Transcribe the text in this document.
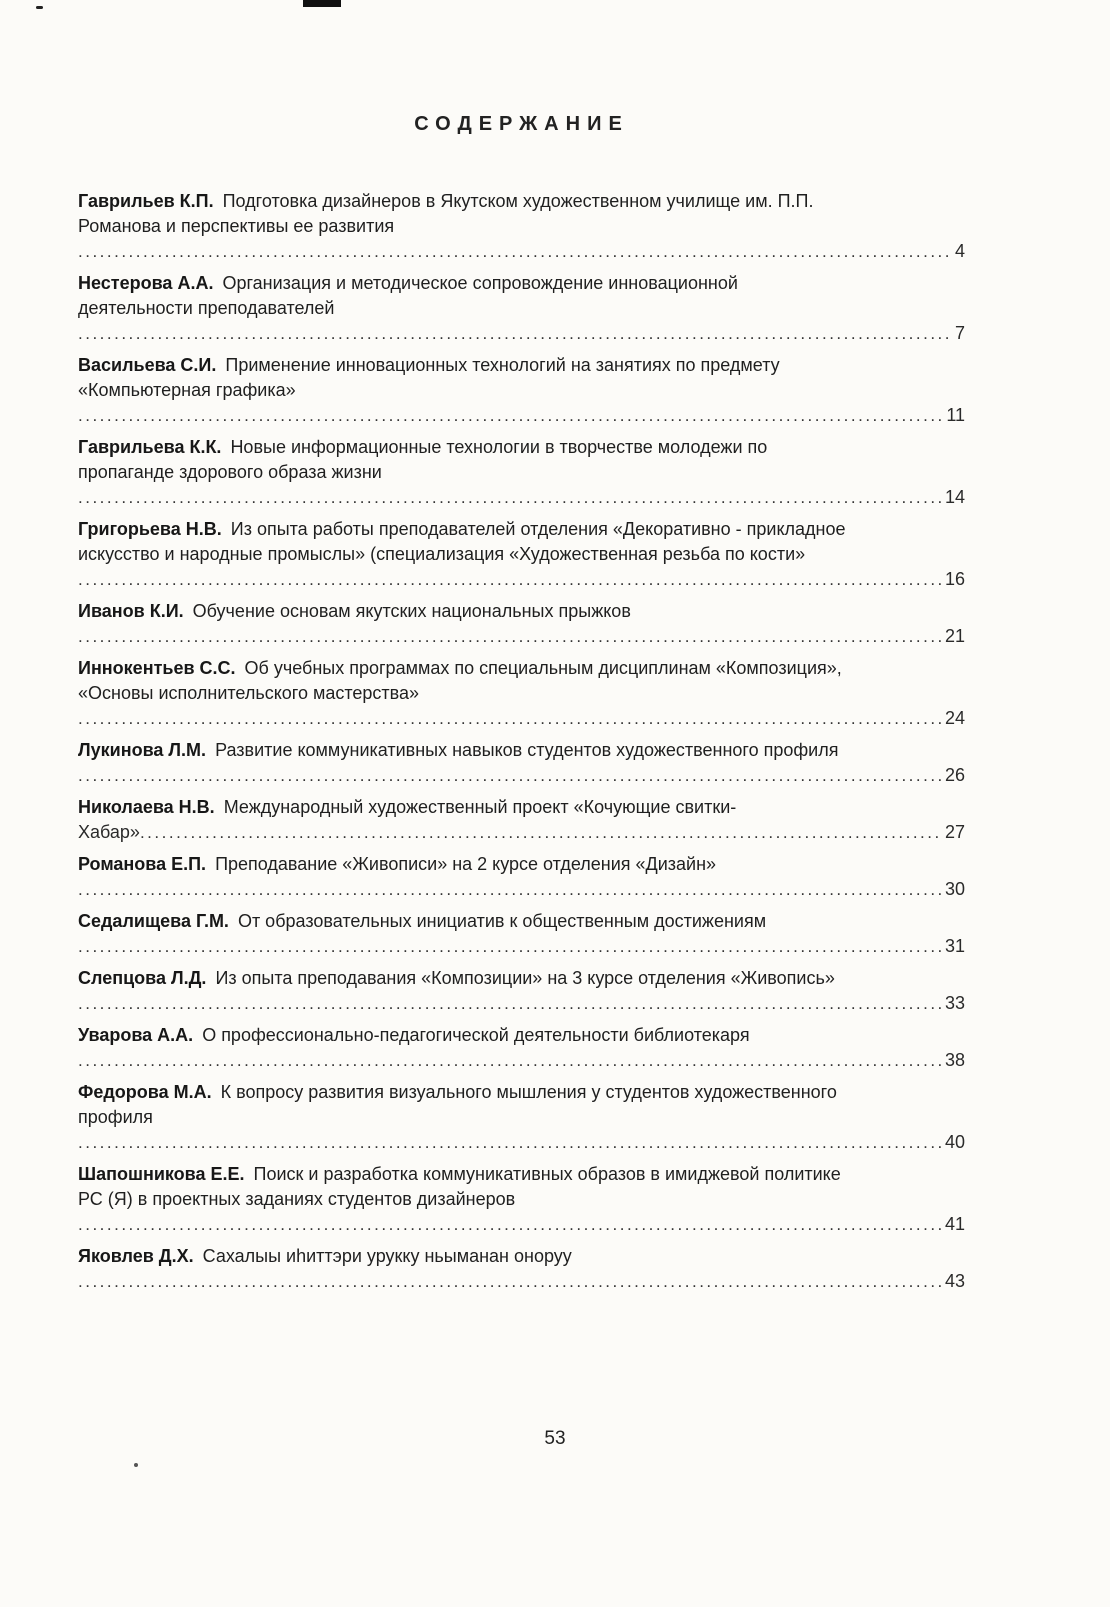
СОДЕРЖАНИЕ

Гаврильев К.П. Подготовка дизайнеров в Якутском художественном училище им. П.П. Романова и перспективы ее развития

.....
4

Нестерова А.А. Организация и методическое сопровождение инновационной деятельности преподавателей

.....
7

Васильева С.И. Применение инновационных технологий на занятиях по предмету «Компьютерная графика»

.....
11

Гаврильева К.К. Новые информационные технологии в творчестве молодежи по пропаганде здорового образа жизни

.....
14

Григорьева Н.В. Из опыта работы преподавателей отделения «Декоративно - прикладное искусство и народные промыслы» (специализация «Художественная резьба по кости»

.....
16

Иванов К.И. Обучение основам якутских национальных прыжков

.....
21

Иннокентьев С.С. Об учебных программах по специальным дисциплинам «Композиция», «Основы исполнительского мастерства»

.....
24

Лукинова Л.М. Развитие коммуникативных навыков студентов художественного профиля

.....
26

Николаева Н.В. Международный художественный проект «Кочующие свитки-

Хабар» .....	27

Романова Е.П. Преподавание «Живописи» на 2 курсе отделения «Дизайн»

.....
30

Седалищева Г.М. От образовательных инициатив к общественным достижениям

.....
31

Слепцова Л.Д. Из опыта преподавания «Композиции» на 3 курсе отделения «Живопись»

.....
33

Уварова А.А. О профессионально-педагогической деятельности библиотекаря

.....
38

Федорова М.А. К вопросу развития визуального мышления у студентов художественного профиля

.....
40

Шапошникова Е.Е. Поиск и разработка коммуникативных образов в имиджевой политике РС (Я) в проектных заданиях студентов дизайнеров

.....
41

Яковлев Д.Х. Сахалыы иһиттэри урукку ньыманан оноруу

.....
43
53
